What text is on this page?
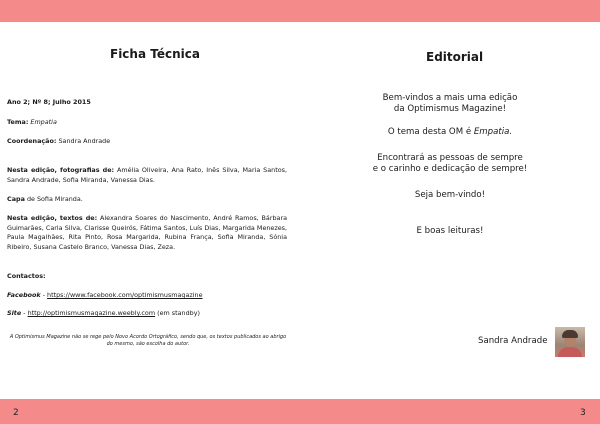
Ficha Técnica
Ano 2; Nº 8; Julho 2015
Tema: Empatia
Coordenação: Sandra Andrade
Nesta edição, fotografias de: Amélia Oliveira, Ana Rato, Inês Silva, Maria Santos, Sandra Andrade, Sofia Miranda, Vanessa Dias.
Capa de Sofia Miranda.
Nesta edição, textos de: Alexandra Soares do Nascimento, André Ramos, Bárbara Guimarães, Carla Silva, Clarisse Queirós, Fátima Santos, Luís Dias, Margarida Menezes, Paula Magalhães, Rita Pinto, Rosa Margarida, Rubina França, Sofia Miranda, Sónia Ribeiro, Susana Castelo Branco, Vanessa Dias, Zeza.
Contactos:
Facebook - https://www.facebook.com/optimismusmagazine
Site - http://optimismusmagazine.weebly.com (em standby)
A Optimismus Magazine não se rege pelo Novo Acordo Ortográfico, sendo que, os textos publicados ao abrigo do mesmo, são escolha do autor.
Editorial
Bem-vindos a mais uma edição
da Optimismus Magazine!
O tema desta OM é Empatia.
Encontrará as pessoas de sempre
e o carinho e dedicação de sempre!
Seja bem-vindo!
E boas leituras!
Sandra Andrade
2	3
